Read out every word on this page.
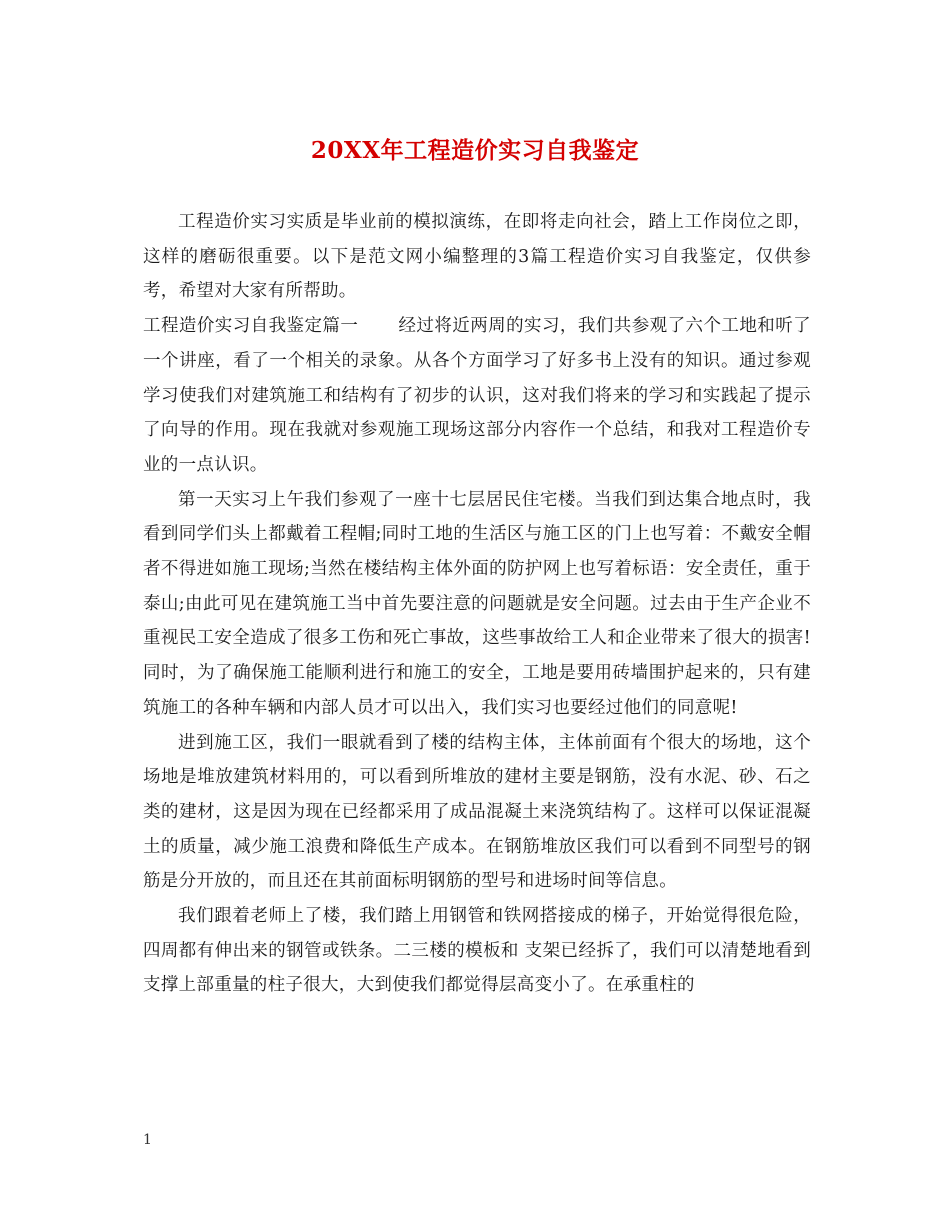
20XX年工程造价实习自我鉴定

工程造价实习实质是毕业前的模拟演练，在即将走向社会，踏上工作岗位之即，这样的磨砺很重要。以下是范文网小编整理的3篇工程造价实习自我鉴定，仅供参考，希望对大家有所帮助。

工程造价实习自我鉴定篇一 经过将近两周的实习，我们共参观了六个工地和听了一个讲座，看了一个相关的录象。从各个方面学习了好多书上没有的知识。通过参观学习使我们对建筑施工和结构有了初步的认识，这对我们将来的学习和实践起了提示了向导的作用。现在我就对参观施工现场这部分内容作一个总结，和我对工程造价专业的一点认识。

第一天实习上午我们参观了一座十七层居民住宅楼。当我们到达集合地点时，我看到同学们头上都戴着工程帽;同时工地的生活区与施工区的门上也写着：不戴安全帽者不得进如施工现场;当然在楼结构主体外面的防护网上也写着标语：安全责任，重于泰山;由此可见在建筑施工当中首先要注意的问题就是安全问题。过去由于生产企业不重视民工安全造成了很多工伤和死亡事故，这些事故给工人和企业带来了很大的损害!同时，为了确保施工能顺利进行和施工的安全，工地是要用砖墙围护起来的，只有建筑施工的各种车辆和内部人员才可以出入，我们实习也要经过他们的同意呢!

进到施工区，我们一眼就看到了楼的结构主体，主体前面有个很大的场地，这个场地是堆放建筑材料用的，可以看到所堆放的建材主要是钢筋，没有水泥、砂、石之类的建材，这是因为现在已经都采用了成品混凝土来浇筑结构了。这样可以保证混凝土的质量，减少施工浪费和降低生产成本。在钢筋堆放区我们可以看到不同型号的钢筋是分开放的，而且还在其前面标明钢筋的型号和进场时间等信息。

我们跟着老师上了楼，我们踏上用钢管和铁网搭接成的梯子，开始觉得很危险，四周都有伸出来的钢管或铁条。二三楼的模板和 支架已经拆了，我们可以清楚地看到支撑上部重量的柱子很大，大到使我们都觉得层高变小了。在承重柱的

1
